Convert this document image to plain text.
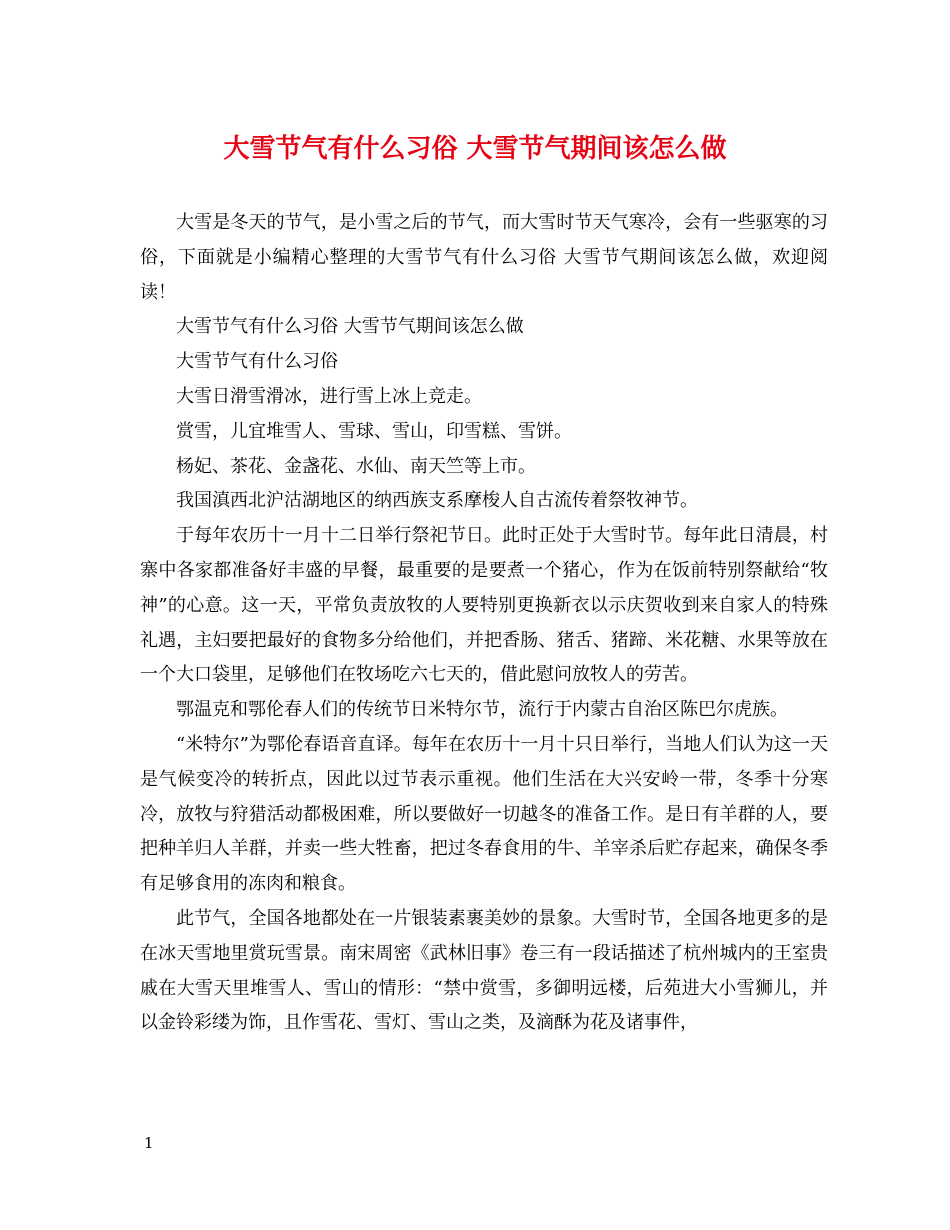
大雪节气有什么习俗 大雪节气期间该怎么做

大雪是冬天的节气，是小雪之后的节气，而大雪时节天气寒冷，会有一些驱寒的习俗，下面就是小编精心整理的大雪节气有什么习俗 大雪节气期间该怎么做，欢迎阅读！

大雪节气有什么习俗 大雪节气期间该怎么做

大雪节气有什么习俗

大雪日滑雪滑冰，进行雪上冰上竞走。

赏雪，儿宜堆雪人、雪球、雪山，印雪糕、雪饼。

杨妃、茶花、金盏花、水仙、南天竺等上市。

我国滇西北沪沽湖地区的纳西族支系摩梭人自古流传着祭牧神节。

于每年农历十一月十二日举行祭祀节日。此时正处于大雪时节。每年此日清晨，村寨中各家都准备好丰盛的早餐，最重要的是要煮一个猪心，作为在饭前特别祭献给“牧神”的心意。这一天，平常负责放牧的人要特别更换新衣以示庆贺收到来自家人的特殊礼遇，主妇要把最好的食物多分给他们，并把香肠、猪舌、猪蹄、米花糖、水果等放在一个大口袋里，足够他们在牧场吃六七天的，借此慰问放牧人的劳苦。

鄂温克和鄂伦春人们的传统节日米特尔节，流行于内蒙古自治区陈巴尔虎族。

“米特尔”为鄂伦春语音直译。每年在农历十一月十只日举行，当地人们认为这一天是气候变冷的转折点，因此以过节表示重视。他们生活在大兴安岭一带，冬季十分寒冷，放牧与狩猎活动都极困难，所以要做好一切越冬的准备工作。是日有羊群的人，要把种羊归人羊群，并卖一些大牲畜，把过冬春食用的牛、羊宰杀后贮存起来，确保冬季有足够食用的冻肉和粮食。

此节气，全国各地都处在一片银装素裹美妙的景象。大雪时节，全国各地更多的是在冰天雪地里赏玩雪景。南宋周密《武林旧事》卷三有一段话描述了杭州城内的王室贵戚在大雪天里堆雪人、雪山的情形：“禁中赏雪，多御明远楼，后苑进大小雪狮儿，并以金铃彩缕为饰，且作雪花、雪灯、雪山之类，及滴酥为花及诸事件，

1
